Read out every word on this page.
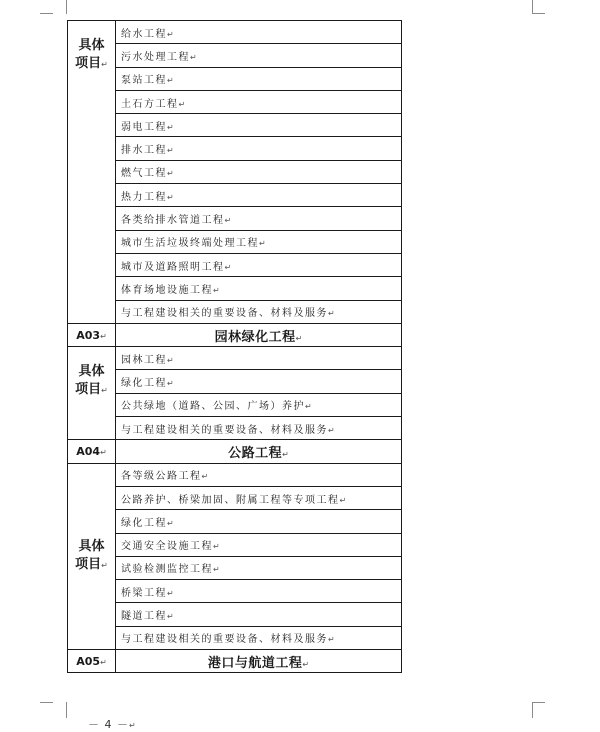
具体
项目↵	给水工程↵
	污水处理工程↵
	泵站工程↵
	土石方工程↵
	弱电工程↵
	排水工程↵
	燃气工程↵
	热力工程↵
	各类给排水管道工程↵
	城市生活垃圾终端处理工程↵
	城市及道路照明工程↵
	体育场地设施工程↵
	与工程建设相关的重要设备、材料及服务↵
A03↵	园林绿化工程↵

具体
项目↵	园林工程↵
	绿化工程↵
	公共绿地（道路、公园、广场）养护↵
	与工程建设相关的重要设备、材料及服务↵
A04↵	公路工程↵

具体
项目↵	各等级公路工程↵
	公路养护、桥梁加固、附属工程等专项工程↵
	绿化工程↵
	交通安全设施工程↵
	试验检测监控工程↵
	桥梁工程↵
	隧道工程↵
	与工程建设相关的重要设备、材料及服务↵
A05↵	港口与航道工程↵
－ 4 －↵
